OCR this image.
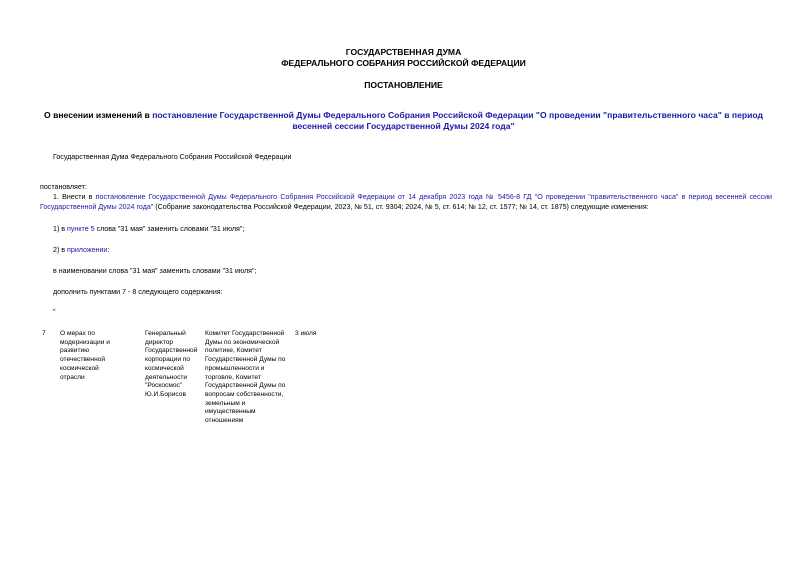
ГОСУДАРСТВЕННАЯ ДУМА
ФЕДЕРАЛЬНОГО СОБРАНИЯ РОССИЙСКОЙ ФЕДЕРАЦИИ
ПОСТАНОВЛЕНИЕ
О внесении изменений в постановление Государственной Думы Федерального Собрания Российской Федерации "О проведении "правительственного часа" в период весенней сессии Государственной Думы 2024 года"
Государственная Дума Федерального Собрания Российской Федерации
постановляет:
1. Внести в постановление Государственной Думы Федерального Собрания Российской Федерации от 14 декабря 2023 года № 5456-8 ГД "О проведении "правительственного часа" в период весенней сессии Государственной Думы 2024 года" (Собрание законодательства Российской Федерации, 2023, № 51, ст. 9304; 2024, № 5, ст. 614; № 12, ст. 1577; № 14, ст. 1875) следующие изменения:
1) в пункте 5 слова "31 мая" заменить словами "31 июля";
2) в приложении:
в наименовании слова "31 мая" заменить словами "31 июля";
дополнить пунктами 7 - 8 следующего содержания:
"
7	О мерах по модернизации и развитию отечественной космической отрасли
Генеральный директор Государственной корпорации по космической деятельности "Роскосмос" Ю.И.Борисов
Комитет Государственной Думы по экономической политике, Комитет Государственной Думы по промышленности и торговле, Комитет Государственной Думы по вопросам собственности, земельным и имущественным отношениям
3 июля
